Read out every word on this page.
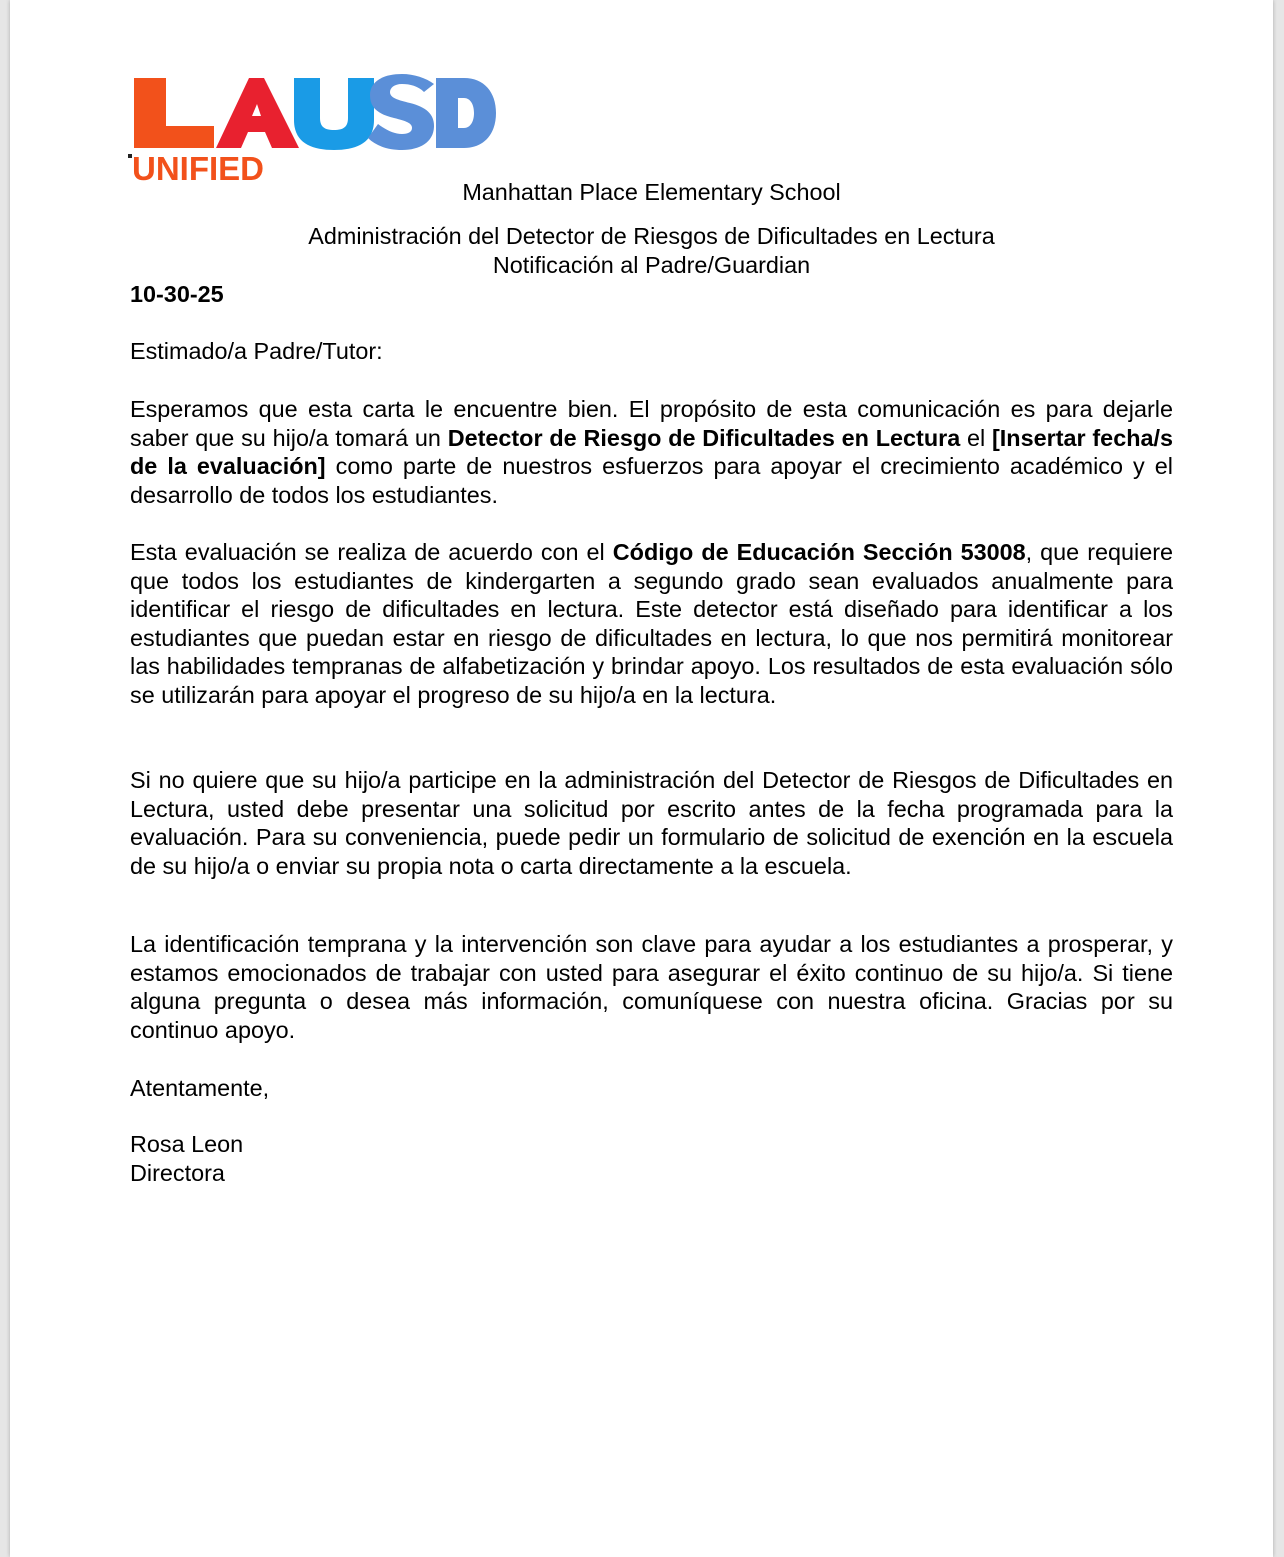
UNIFIED
Manhattan Place Elementary School
Administración del Detector de Riesgos de Dificultades en Lectura
Notificación al Padre/Guardian
10-30-25
Estimado/a Padre/Tutor:
Esperamos que esta carta le encuentre bien. El propósito de esta comunicación es para dejarle saber que su hijo/a tomará un Detector de Riesgo de Dificultades en Lectura el [Insertar fecha/s de la evaluación] como parte de nuestros esfuerzos para apoyar el crecimiento académico y el desarrollo de todos los estudiantes.
Esta evaluación se realiza de acuerdo con el Código de Educación Sección 53008, que requiere que todos los estudiantes de kindergarten a segundo grado sean evaluados anualmente para identificar el riesgo de dificultades en lectura. Este detector está diseñado para identificar a los estudiantes que puedan estar en riesgo de dificultades en lectura, lo que nos permitirá monitorear las habilidades tempranas de alfabetización y brindar apoyo. Los resultados de esta evaluación sólo se utilizarán para apoyar el progreso de su hijo/a en la lectura.
Si no quiere que su hijo/a participe en la administración del Detector de Riesgos de Dificultades en Lectura, usted debe presentar una solicitud por escrito antes de la fecha programada para la evaluación. Para su conveniencia, puede pedir un formulario de solicitud de exención en la escuela de su hijo/a o enviar su propia nota o carta directamente a la escuela.
La identificación temprana y la intervención son clave para ayudar a los estudiantes a prosperar, y estamos emocionados de trabajar con usted para asegurar el éxito continuo de su hijo/a. Si tiene alguna pregunta o desea más información, comuníquese con nuestra oficina. Gracias por su continuo apoyo.
Atentamente,
Rosa Leon
Directora
